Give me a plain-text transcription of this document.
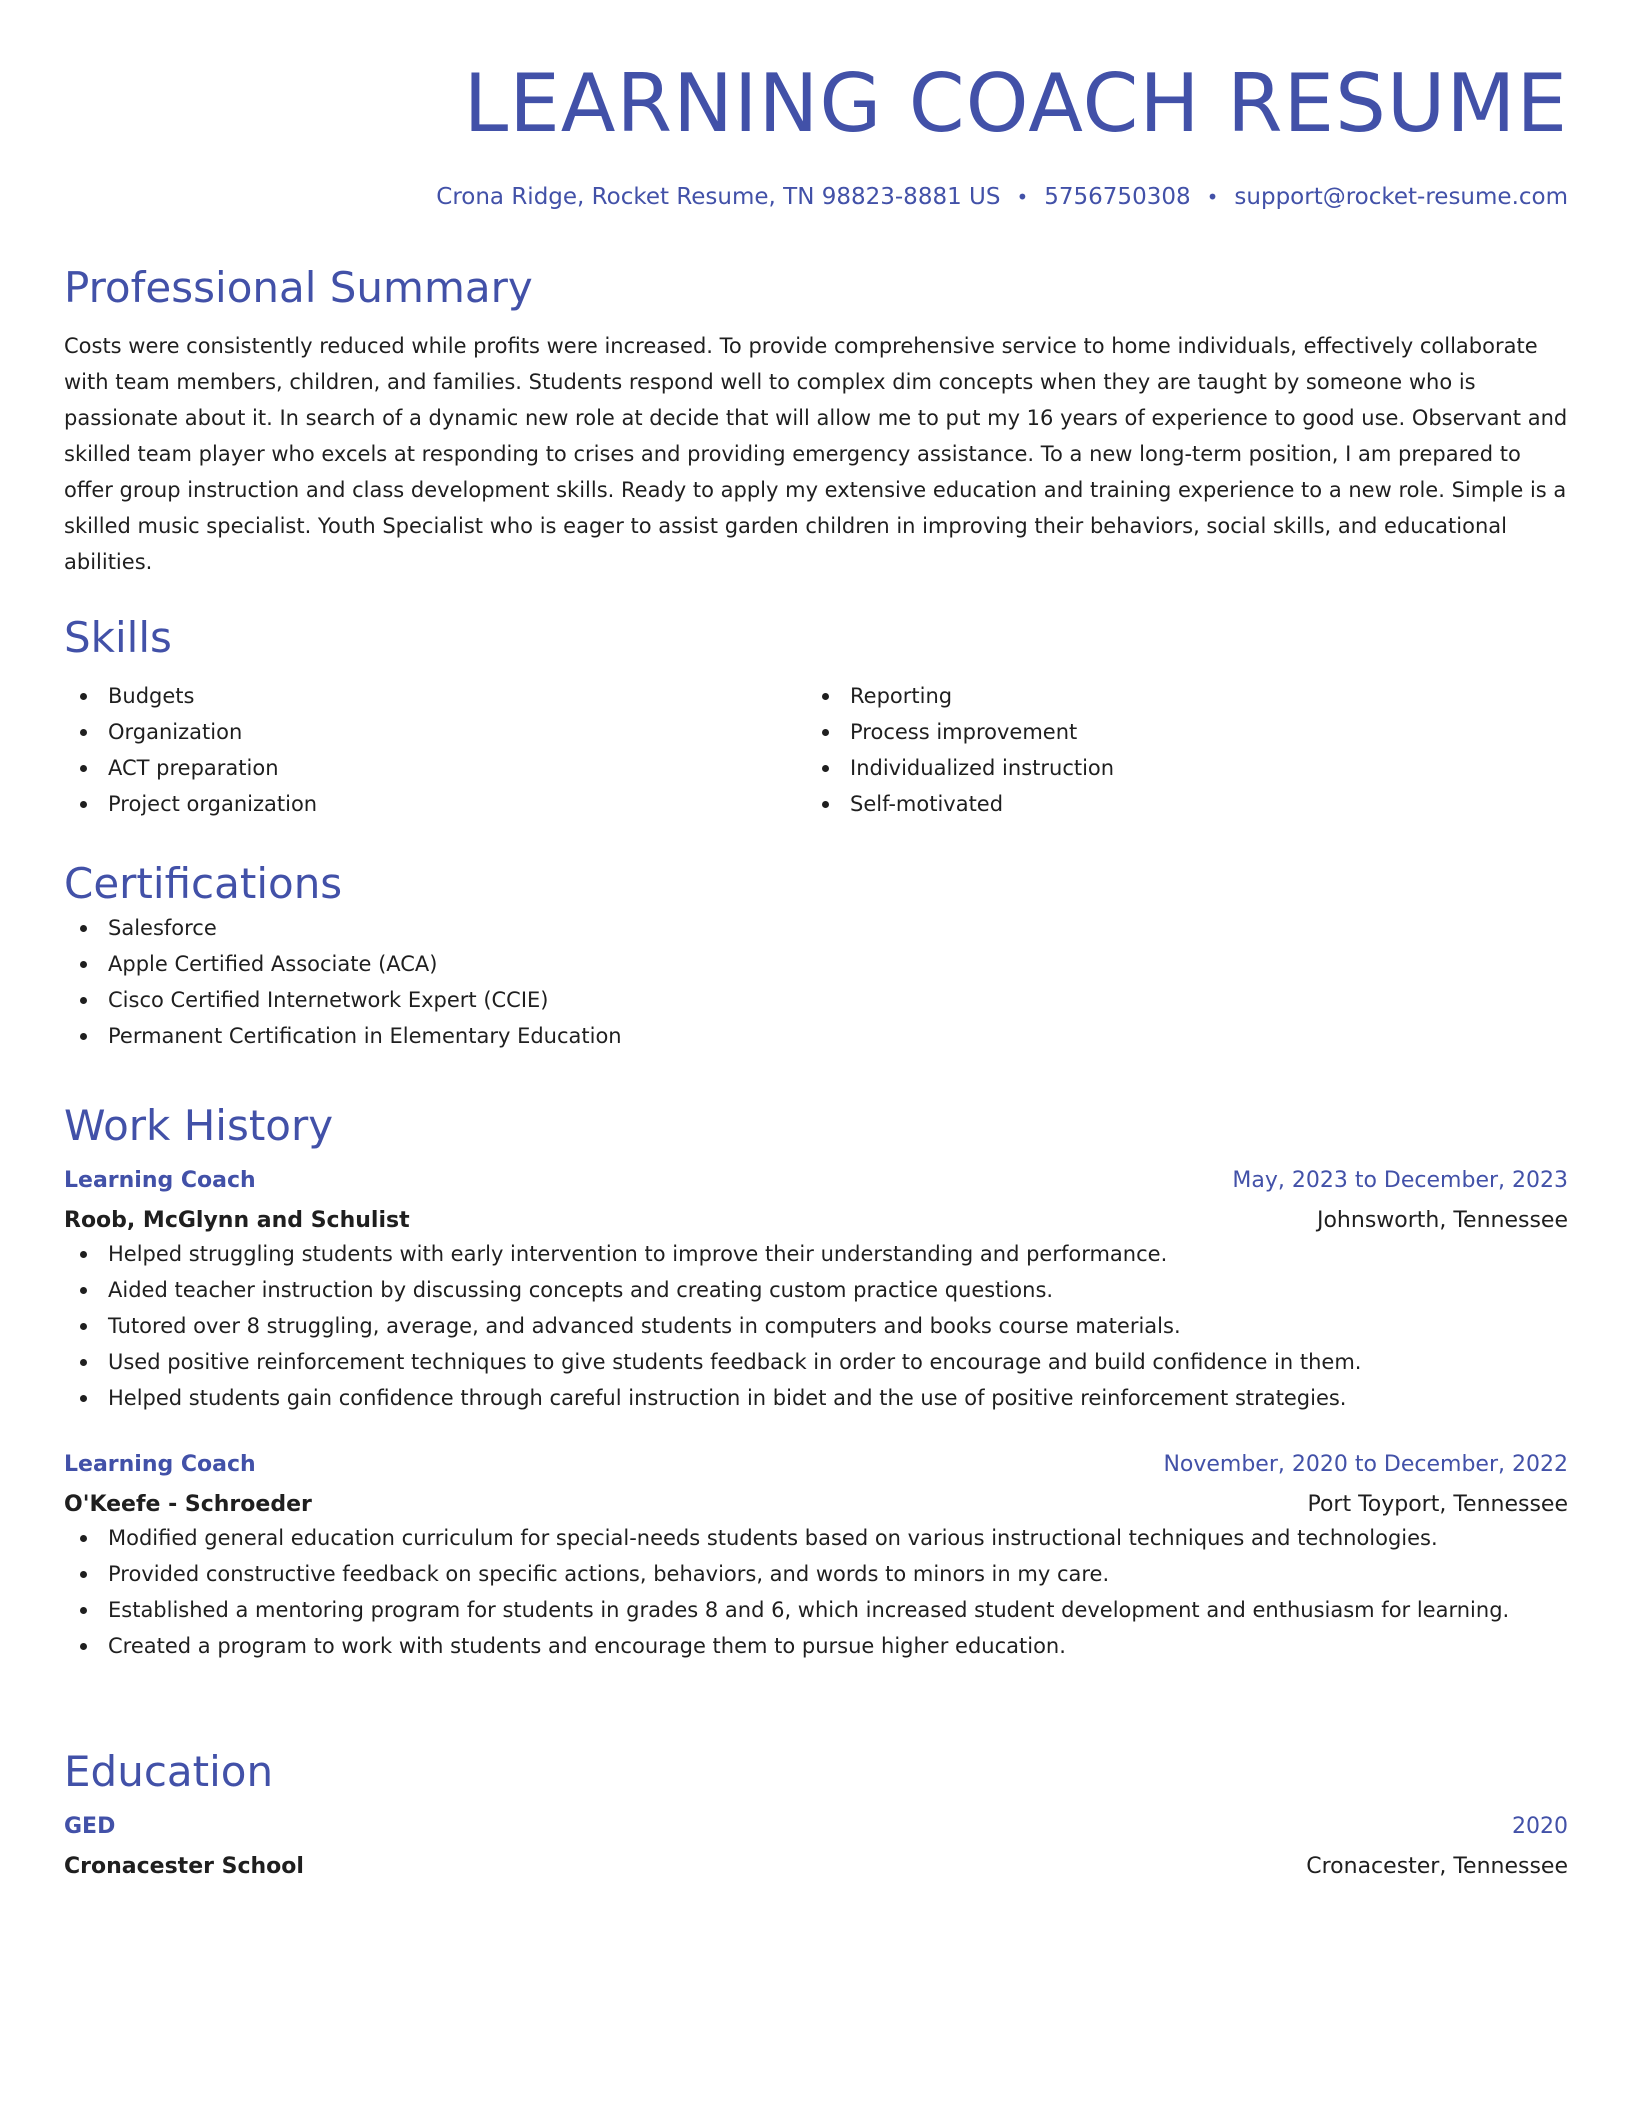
LEARNING COACH RESUME
Crona Ridge, Rocket Resume, TN 98823-8881 US • 5756750308 • support@rocket-resume.com
Professional Summary

Costs were consistently reduced while profits were increased. To provide comprehensive service to home individuals, effectively collaborate with team members, children, and families. Students respond well to complex dim concepts when they are taught by someone who is passionate about it. In search of a dynamic new role at decide that will allow me to put my 16 years of experience to good use. Observant and skilled team player who excels at responding to crises and providing emergency assistance. To a new long-term position, I am prepared to offer group instruction and class development skills. Ready to apply my extensive education and training experience to a new role. Simple is a skilled music specialist. Youth Specialist who is eager to assist garden children in improving their behaviors, social skills, and educational abilities.

Skills
Budgets
Organization
ACT preparation
Project organization
Reporting
Process improvement
Individualized instruction
Self-motivated
Certifications
Salesforce
Apple Certified Associate (ACA)
Cisco Certified Internetwork Expert (CCIE)
Permanent Certification in Elementary Education
Work History
Learning Coach	May, 2023 to December, 2023
Roob, McGlynn and Schulist	Johnsworth, Tennessee
Helped struggling students with early intervention to improve their understanding and performance.
Aided teacher instruction by discussing concepts and creating custom practice questions.
Tutored over 8 struggling, average, and advanced students in computers and books course materials.
Used positive reinforcement techniques to give students feedback in order to encourage and build confidence in them.
Helped students gain confidence through careful instruction in bidet and the use of positive reinforcement strategies.
Learning Coach	November, 2020 to December, 2022
O'Keefe - Schroeder	Port Toyport, Tennessee
Modified general education curriculum for special-needs students based on various instructional techniques and technologies.
Provided constructive feedback on specific actions, behaviors, and words to minors in my care.
Established a mentoring program for students in grades 8 and 6, which increased student development and enthusiasm for learning.
Created a program to work with students and encourage them to pursue higher education.
Education
GED	2020
Cronacester School	Cronacester, Tennessee
